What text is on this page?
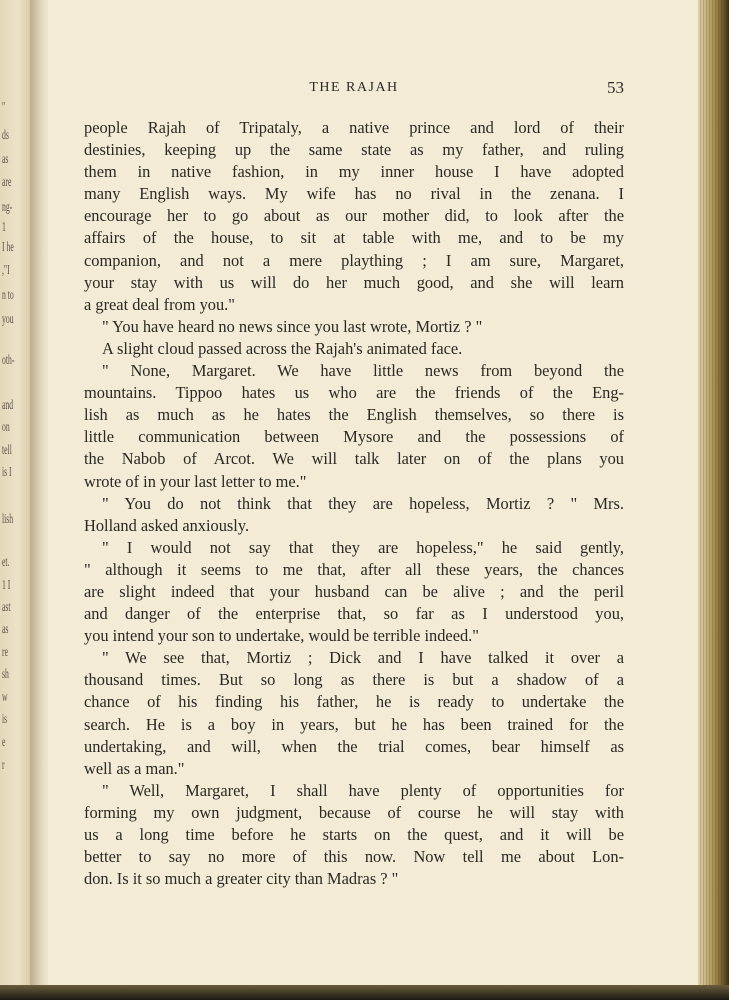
"
ds
as
are
ng-
1
I he
,"I
n to
you
oth-
and
on
tell
is I
lish
et.
1 I
ast
as
re
sh
w
is
e
r
THE RAJAH	53
people Rajah of Tripataly, a native prince and lord of their
destinies, keeping up the same state as my father, and ruling
them in native fashion, in my inner house I have adopted
many English ways. My wife has no rival in the zenana. I
encourage her to go about as our mother did, to look after the
affairs of the house, to sit at table with me, and to be my
companion, and not a mere plaything ; I am sure, Margaret,
your stay with us will do her much good, and she will learn
a great deal from you."
" You have heard no news since you last wrote, Mortiz ? "
A slight cloud passed across the Rajah's animated face.
" None, Margaret. We have little news from beyond the
mountains. Tippoo hates us who are the friends of the Eng-
lish as much as he hates the English themselves, so there is
little communication between Mysore and the possessions of
the Nabob of Arcot. We will talk later on of the plans you
wrote of in your last letter to me."
" You do not think that they are hopeless, Mortiz ? " Mrs.
Holland asked anxiously.
" I would not say that they are hopeless," he said gently,
" although it seems to me that, after all these years, the chances
are slight indeed that your husband can be alive ; and the peril
and danger of the enterprise that, so far as I understood you,
you intend your son to undertake, would be terrible indeed."
" We see that, Mortiz ; Dick and I have talked it over a
thousand times. But so long as there is but a shadow of a
chance of his finding his father, he is ready to undertake the
search. He is a boy in years, but he has been trained for the
undertaking, and will, when the trial comes, bear himself as
well as a man."
" Well, Margaret, I shall have plenty of opportunities for
forming my own judgment, because of course he will stay with
us a long time before he starts on the quest, and it will be
better to say no more of this now. Now tell me about Lon-
don. Is it so much a greater city than Madras ? "
